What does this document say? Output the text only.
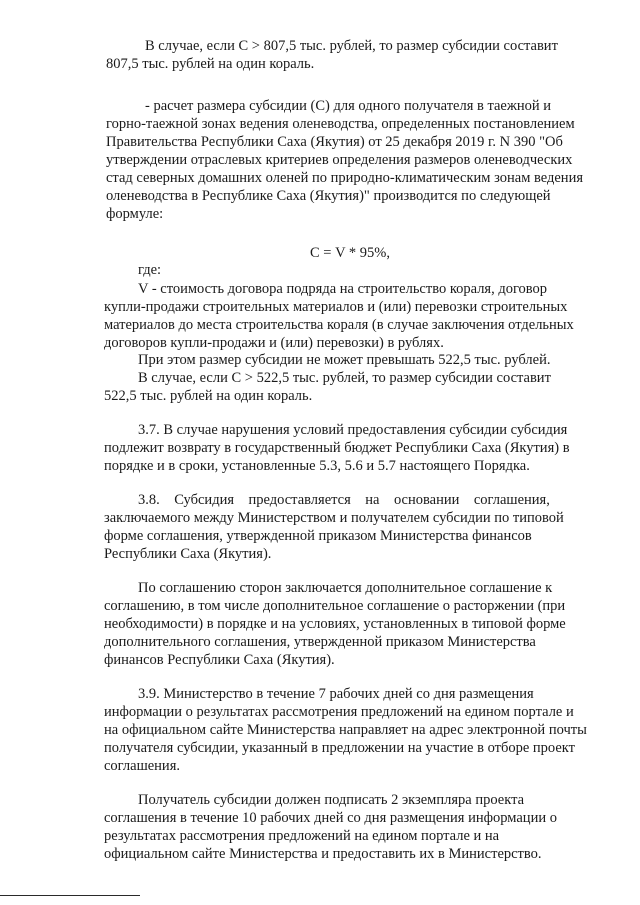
В случае, если С > 807,5 тыс. рублей, то размер субсидии составит
807,5 тыс. рублей на один кораль.
- расчет размера субсидии (С) для одного получателя в таежной и
горно-таежной зонах ведения оленеводства, определенных постановлением
Правительства Республики Саха (Якутия) от 25 декабря 2019 г. N 390 "Об
утверждении отраслевых критериев определения размеров оленеводческих
стад северных домашних оленей по природно-климатическим зонам ведения
оленеводства в Республике Саха (Якутия)" производится по следующей
формуле:
С = V * 95%,
где:
V - стоимость договора подряда на строительство кораля, договор
купли-продажи строительных материалов и (или) перевозки строительных
материалов до места строительства кораля (в случае заключения отдельных
договоров купли-продажи и (или) перевозки) в рублях.
При этом размер субсидии не может превышать 522,5 тыс. рублей.
В случае, если С > 522,5 тыс. рублей, то размер субсидии составит
522,5 тыс. рублей на один кораль.
3.7. В случае нарушения условий предоставления субсидии субсидия
подлежит возврату в государственный бюджет Республики Саха (Якутия) в
порядке и в сроки, установленные 5.3, 5.6 и 5.7 настоящего Порядка.
3.8.    Субсидия    предоставляется    на    основании    соглашения,
заключаемого между Министерством и получателем субсидии по типовой
форме соглашения, утвержденной приказом Министерства финансов
Республики Саха (Якутия).
По соглашению сторон заключается дополнительное соглашение к
соглашению, в том числе дополнительное соглашение о расторжении (при
необходимости) в порядке и на условиях, установленных в типовой форме
дополнительного соглашения, утвержденной приказом Министерства
финансов Республики Саха (Якутия).
3.9. Министерство в течение 7 рабочих дней со дня размещения
информации о результатах рассмотрения предложений на едином портале и
на официальном сайте Министерства направляет на адрес электронной почты
получателя субсидии, указанный в предложении на участие в отборе проект
соглашения.
Получатель субсидии должен подписать 2 экземпляра проекта
соглашения в течение 10 рабочих дней со дня размещения информации о
результатах рассмотрения предложений на едином портале и на
официальном сайте Министерства и предоставить их в Министерство.
